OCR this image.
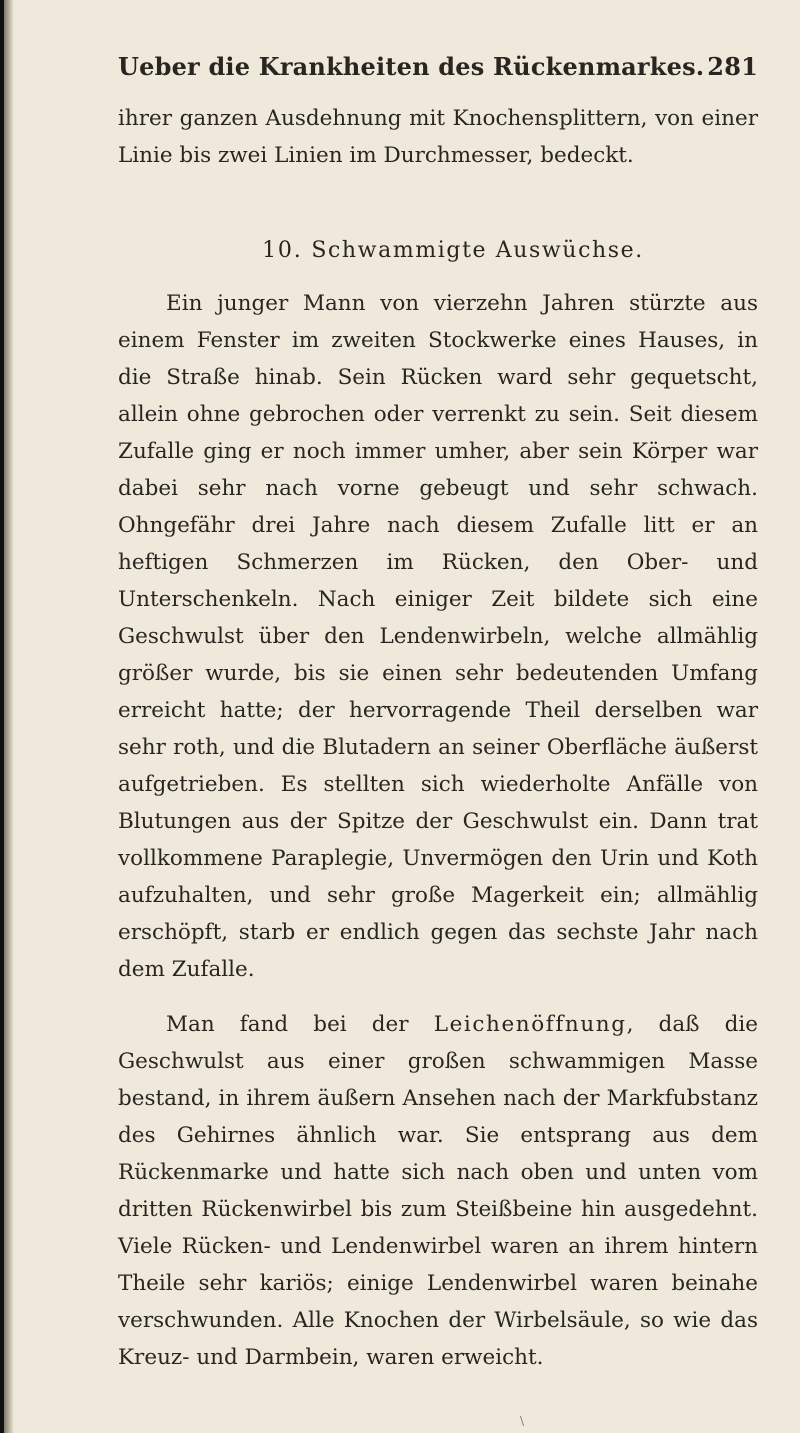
Ueber die Krankheiten des Rückenmarkes. 281

ihrer ganzen Ausdehnung mit Knochensplittern, von einer Linie bis zwei Linien im Durchmesser, bedeckt.

10. Schwammigte Auswüchse.

Ein junger Mann von vierzehn Jahren stürzte aus einem Fenster im zweiten Stockwerke eines Hauses, in die Straße hinab. Sein Rücken ward sehr gequetscht, allein ohne gebrochen oder verrenkt zu sein. Seit diesem Zufalle ging er noch immer umher, aber sein Körper war dabei sehr nach vorne gebeugt und sehr schwach. Ohngefähr drei Jahre nach diesem Zufalle litt er an heftigen Schmerzen im Rücken, den Ober- und Unterschenkeln. Nach einiger Zeit bildete sich eine Geschwulst über den Lendenwirbeln, welche allmählig größer wurde, bis sie einen sehr bedeutenden Umfang erreicht hatte; der hervorragende Theil derselben war sehr roth, und die Blutadern an seiner Oberfläche äußerst aufgetrieben. Es stellten sich wiederholte Anfälle von Blutungen aus der Spitze der Geschwulst ein. Dann trat vollkommene Paraplegie, Unvermögen den Urin und Koth aufzuhalten, und sehr große Magerkeit ein; allmählig erschöpft, starb er endlich gegen das sechste Jahr nach dem Zufalle.

Man fand bei der Leichenöffnung, daß die Geschwulst aus einer großen schwammigen Masse bestand, in ihrem äußern Ansehen nach der Markfubstanz des Gehirnes ähnlich war. Sie entsprang aus dem Rückenmarke und hatte sich nach oben und unten vom dritten Rückenwirbel bis zum Steißbeine hin ausgedehnt. Viele Rücken- und Lendenwirbel waren an ihrem hintern Theile sehr kariös; einige Lendenwirbel waren beinahe verschwunden. Alle Knochen der Wirbelsäule, so wie das Kreuz- und Darmbein, waren erweicht.

\
